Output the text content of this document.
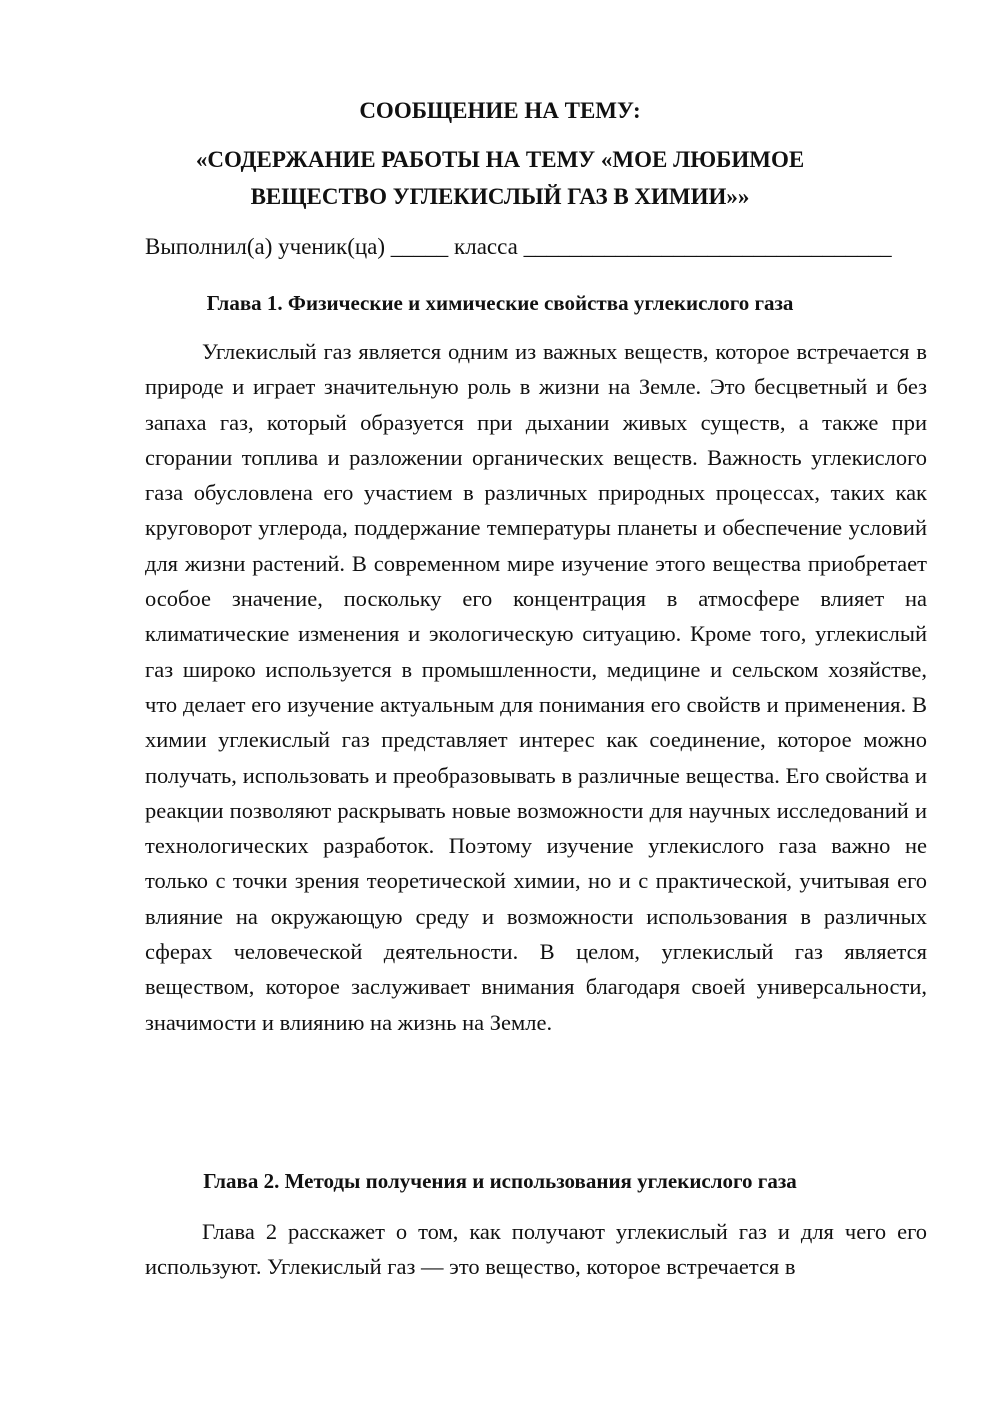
СООБЩЕНИЕ НА ТЕМУ:
«СОДЕРЖАНИЕ РАБОТЫ НА ТЕМУ «МОЕ ЛЮБИМОЕ
ВЕЩЕСТВО УГЛЕКИСЛЫЙ ГАЗ В ХИМИИ»»
Выполнил(а) ученик(ца) _____ класса ________________________________
Глава 1. Физические и химические свойства углекислого газа

Углекислый газ является одним из важных веществ, которое встречается в природе и играет значительную роль в жизни на Земле. Это бесцветный и без запаха газ, который образуется при дыхании живых существ, а также при сгорании топлива и разложении органических веществ. Важность углекислого газа обусловлена его участием в различных природных процессах, таких как круговорот углерода, поддержание температуры планеты и обеспечение условий для жизни растений. В современном мире изучение этого вещества приобретает особое значение, поскольку его концентрация в атмосфере влияет на климатические изменения и экологическую ситуацию. Кроме того, углекислый газ широко используется в промышленности, медицине и сельском хозяйстве, что делает его изучение актуальным для понимания его свойств и применения. В химии углекислый газ представляет интерес как соединение, которое можно получать, использовать и преобразовывать в различные вещества. Его свойства и реакции позволяют раскрывать новые возможности для научных исследований и технологических разработок. Поэтому изучение углекислого газа важно не только с точки зрения теоретической химии, но и с практической, учитывая его влияние на окружающую среду и возможности использования в различных сферах человеческой деятельности. В целом, углекислый газ является веществом, которое заслуживает внимания благодаря своей универсальности, значимости и влиянию на жизнь на Земле.

Глава 2. Методы получения и использования углекислого газа

Глава 2 расскажет о том, как получают углекислый газ и для чего его используют. Углекислый газ — это вещество, которое встречается в
